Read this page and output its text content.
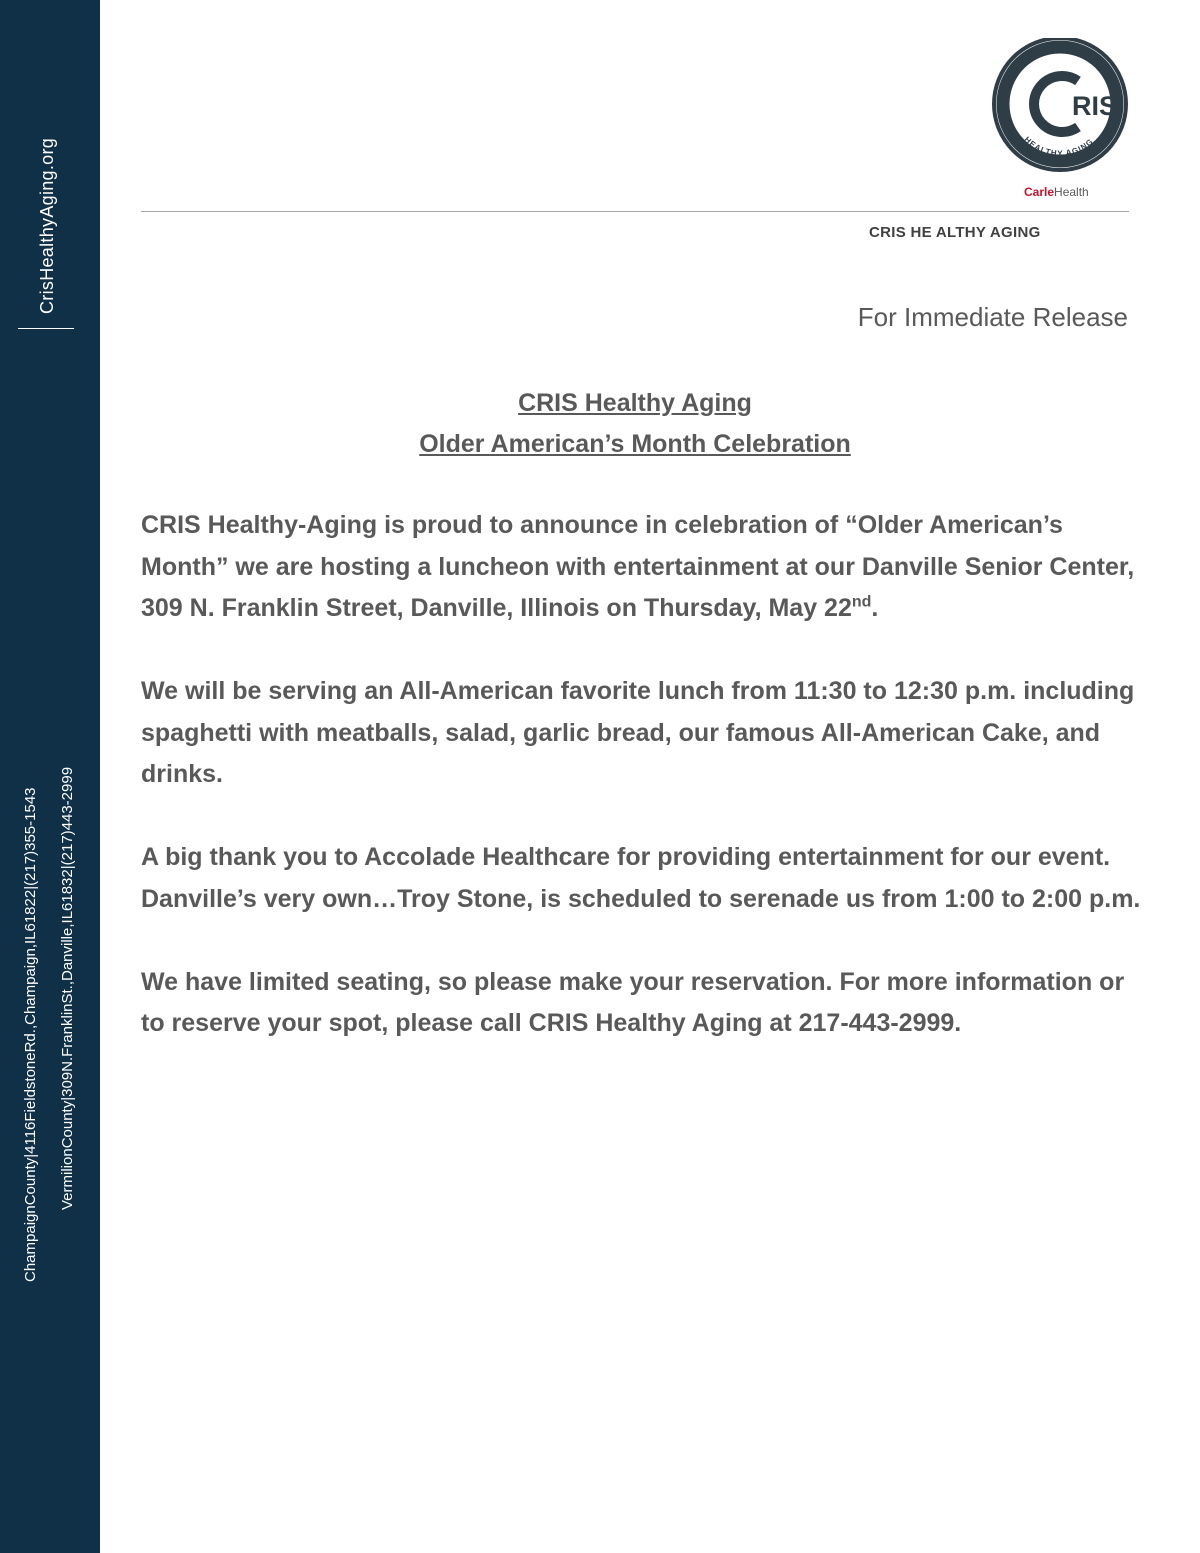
CrisHealthyAging.org
ChampaignCounty|4116FieldstoneRd.,Champaign,IL61822|(217)355-1543 VermilionCounty|309N.FranklinSt.,Danville,IL61832|(217)443-2999
RIS
HEALTHY AGING
CarleHealth
CRIS HE ALTHY AGING
For Immediate Release
CRIS Healthy Aging
Older American’s Month Celebration

CRIS Healthy-Aging is proud to announce in celebration of “Older American’s Month” we are hosting a luncheon with entertainment at our Danville Senior Center, 309 N. Franklin Street, Danville, Illinois on Thursday, May 22nd.

We will be serving an All-American favorite lunch from 11:30 to 12:30 p.m. including spaghetti with meatballs, salad, garlic bread, our famous All-American Cake, and drinks.

A big thank you to Accolade Healthcare for providing entertainment for our event. Danville’s very own…Troy Stone, is scheduled to serenade us from 1:00 to 2:00 p.m.

We have limited seating, so please make your reservation. For more information or to reserve your spot, please call CRIS Healthy Aging at 217-443-2999.
